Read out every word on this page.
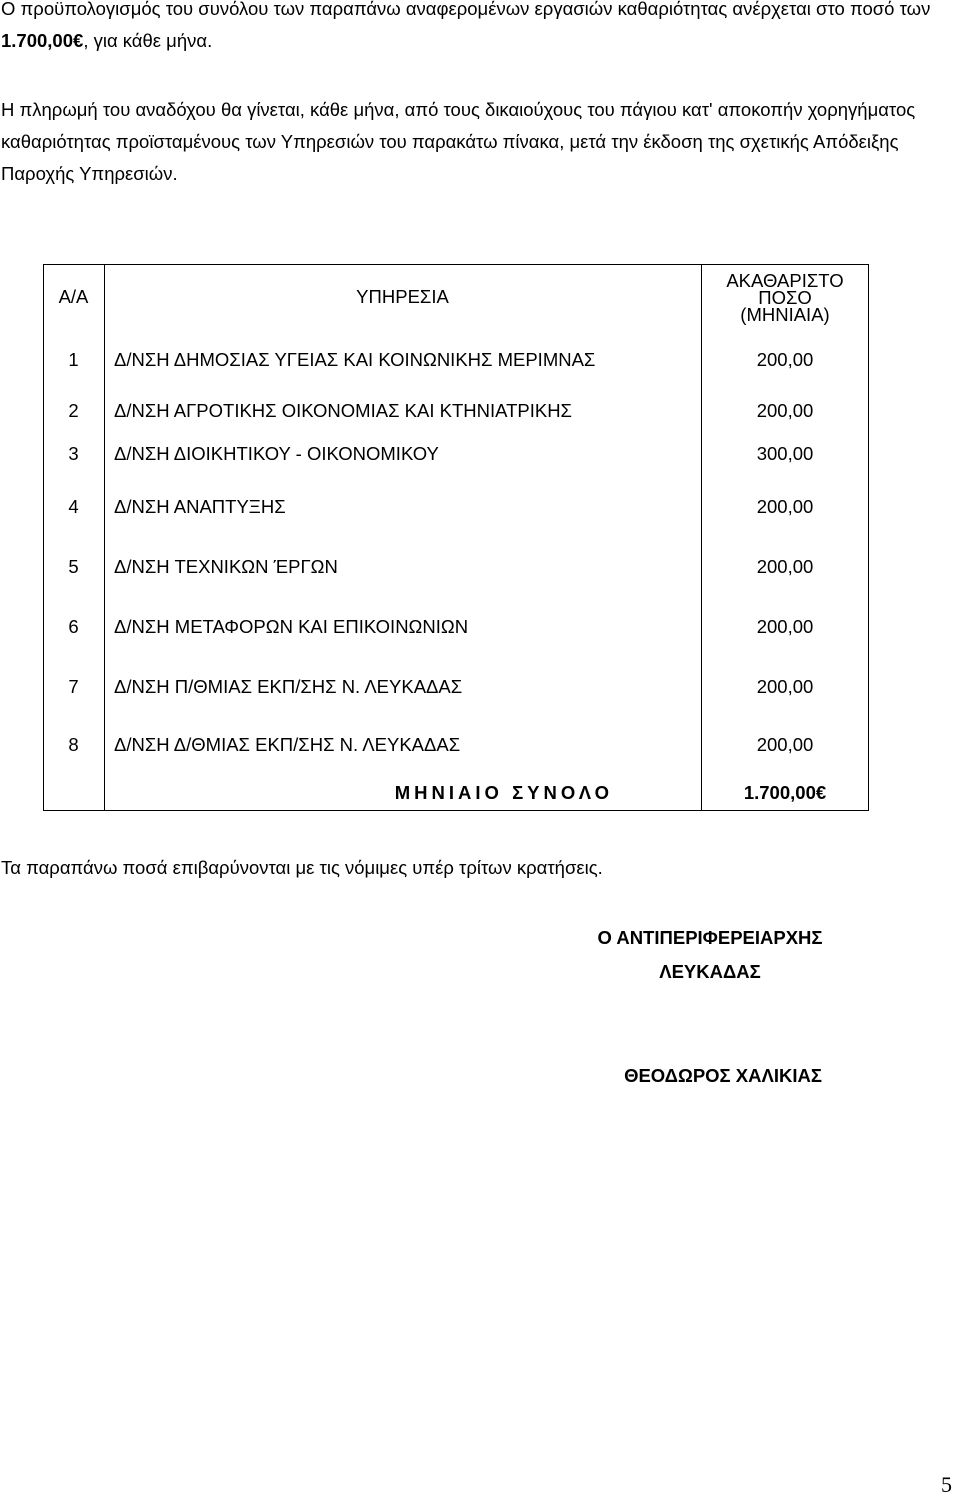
Ο προϋπολογισμός του συνόλου των παραπάνω αναφερομένων εργασιών καθαριότητας ανέρχεται στο ποσό των
1.700,00€, για κάθε μήνα.
Η πληρωμή του αναδόχου θα γίνεται, κάθε μήνα, από τους δικαιούχους του πάγιου κατ' αποκοπήν χορηγήματος καθαριότητας προϊσταμένους των Υπηρεσιών του παρακάτω πίνακα, μετά την έκδοση της σχετικής Απόδειξης Παροχής Υπηρεσιών.
Α/Α	ΥΠΗΡΕΣΙΑ	ΑΚΑΘΑΡΙΣΤΟ ΠΟΣΟ
(ΜΗΝΙΑΙΑ)

1	Δ/ΝΣΗ ΔΗΜΟΣΙΑΣ ΥΓΕΙΑΣ ΚΑΙ ΚΟΙΝΩΝΙΚΗΣ ΜΕΡΙΜΝΑΣ	200,00
2	Δ/ΝΣΗ ΑΓΡΟΤΙΚΗΣ ΟΙΚΟΝΟΜΙΑΣ ΚΑΙ ΚΤΗΝΙΑΤΡΙΚΗΣ	200,00
3	Δ/ΝΣΗ ΔΙΟΙΚΗΤΙΚΟΥ - ΟΙΚΟΝΟΜΙΚΟΥ	300,00
4	Δ/ΝΣΗ ΑΝΑΠΤΥΞΗΣ	200,00
5	Δ/ΝΣΗ ΤΕΧΝΙΚΩΝ ΈΡΓΩΝ	200,00
6	Δ/ΝΣΗ ΜΕΤΑΦΟΡΩΝ ΚΑΙ ΕΠΙΚΟΙΝΩΝΙΩΝ	200,00
7	Δ/ΝΣΗ Π/ΘΜΙΑΣ ΕΚΠ/ΣΗΣ Ν. ΛΕΥΚΑΔΑΣ	200,00
8	Δ/ΝΣΗ Δ/ΘΜΙΑΣ ΕΚΠ/ΣΗΣ Ν. ΛΕΥΚΑΔΑΣ	200,00
	ΜΗΝΙΑΙΟ ΣΥΝΟΛΟ	1.700,00€
Τα παραπάνω ποσά επιβαρύνονται με τις νόμιμες υπέρ τρίτων κρατήσεις.
Ο ΑΝΤΙΠΕΡΙΦΕΡΕΙΑΡΧΗΣ
ΛΕΥΚΑΔΑΣ
ΘΕΟΔΩΡΟΣ ΧΑΛΙΚΙΑΣ
5
